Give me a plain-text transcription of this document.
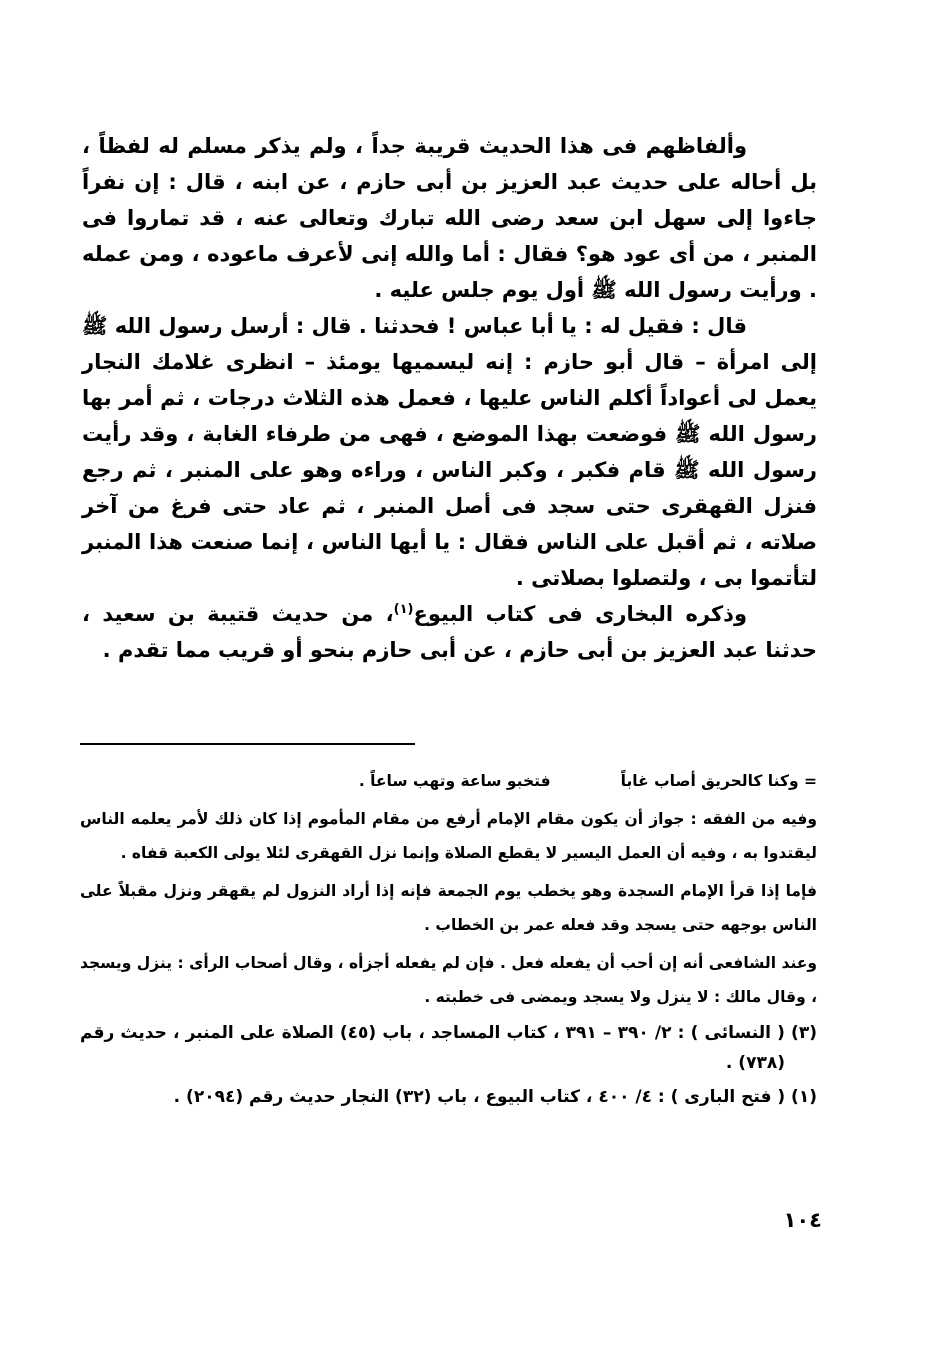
وألفاظهم فى هذا الحديث قريبة جداً ، ولم يذكر مسلم له لفظاً ، بل أحاله على حديث عبد العزيز بن أبى حازم ، عن ابنه ، قال : إن نفراً جاءوا إلى سهل ابن سعد رضى الله تبارك وتعالى عنه ، قد تماروا فى المنبر ، من أى عود هو؟ فقال : أما والله إنى لأعرف ماعوده ، ومن عمله . ورأيت رسول الله ﷺ أول يوم جلس عليه .

قال : فقيل له : يا أبا عباس ! فحدثنا . قال : أرسل رسول الله ﷺ إلى امرأة – قال أبو حازم : إنه ليسميها يومئذ – انظرى غلامك النجار يعمل لى أعواداً أكلم الناس عليها ، فعمل هذه الثلاث درجات ، ثم أمر بها رسول الله ﷺ فوضعت بهذا الموضع ، فهى من طرفاء الغابة ، وقد رأيت رسول الله ﷺ قام فكبر ، وكبر الناس ، وراءه وهو على المنبر ، ثم رجع فنزل القهقرى حتى سجد فى أصل المنبر ، ثم عاد حتى فرغ من آخر صلاته ، ثم أقبل على الناس فقال : يا أيها الناس ، إنما صنعت هذا المنبر لتأتموا بى ، ولتصلوا بصلاتى .

وذكره البخارى فى كتاب البيوع$^{(١)}$، من حديث قتيبة بن سعيد ، حدثنا عبد العزيز بن أبى حازم ، عن أبى حازم بنحو أو قريب مما تقدم .

= وكنا كالحريق أصاب غاباً
فتخبو ساعة وتهب ساعاً .

وفيه من الفقه : جواز أن يكون مقام الإمام أرفع من مقام المأموم إذا كان ذلك لأمر يعلمه الناس ليقتدوا به ، وفيه أن العمل اليسير لا يقطع الصلاة وإنما نزل القهقرى لئلا يولى الكعبة قفاه .

فإما إذا قرأ الإمام السجدة وهو يخطب يوم الجمعة فإنه إذا أراد النزول لم يقهقر ونزل مقبلاً على الناس بوجهه حتى يسجد وقد فعله عمر بن الخطاب .

وعند الشافعى أنه إن أحب أن يفعله فعل . فإن لم يفعله أجزأه ، وقال أصحاب الرأى : ينزل ويسجد ، وقال مالك : لا ينزل ولا يسجد ويمضى فى خطبته .

(٣) ( النسائى ) : ٢/ ٣٩٠ – ٣٩١ ، كتاب المساجد ، باب (٤٥) الصلاة على المنبر ، حديث رقم (٧٣٨) .

(١) ( فتح البارى ) : ٤/ ٤٠٠ ، كتاب البيوع ، باب (٣٢) النجار حديث رقم (٢٠٩٤) .

١٠٤
